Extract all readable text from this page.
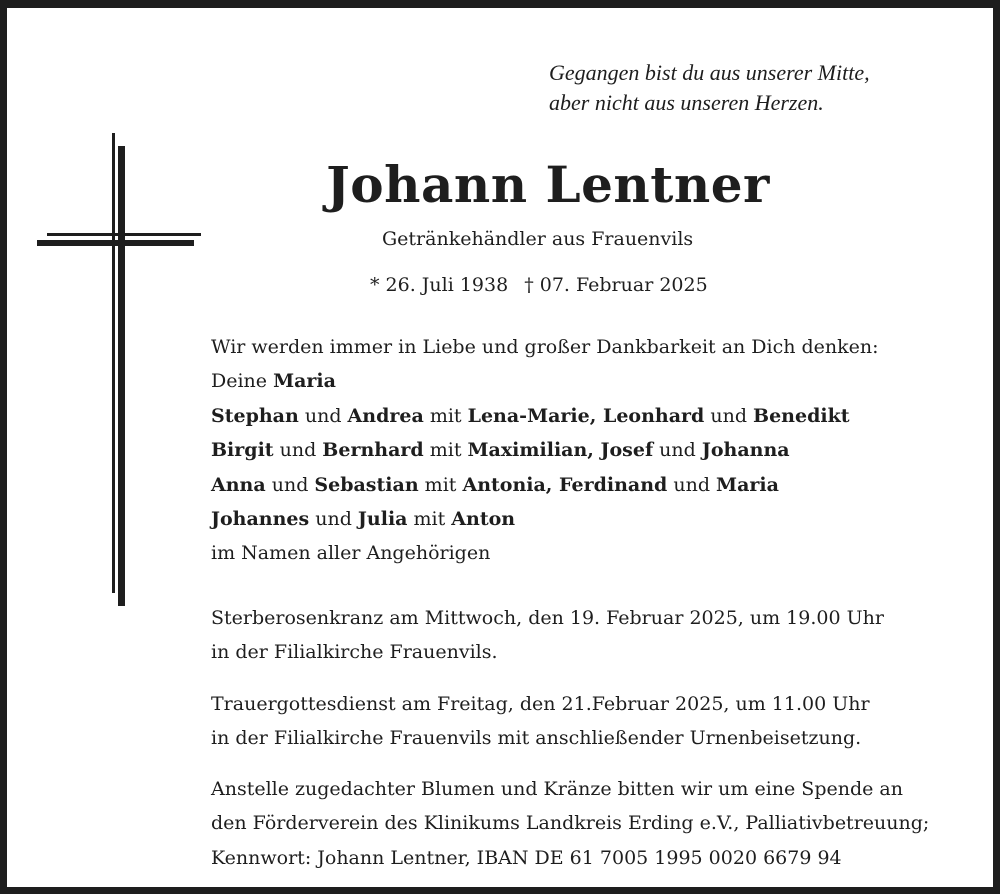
Gegangen bist du aus unserer Mitte,
aber nicht aus unseren Herzen.
Johann Lentner
Getränkehändler aus Frauenvils
* 26. Juli 1938 † 07. Februar 2025
Wir werden immer in Liebe und großer Dankbarkeit an Dich denken:
Deine Maria
Stephan und Andrea mit Lena-Marie, Leonhard und Benedikt
Birgit und Bernhard mit Maximilian, Josef und Johanna
Anna und Sebastian mit Antonia, Ferdinand und Maria
Johannes und Julia mit Anton
im Namen aller Angehörigen
Sterberosenkranz am Mittwoch, den 19. Februar 2025, um 19.00 Uhr
in der Filialkirche Frauenvils.
Trauergottesdienst am Freitag, den 21.Februar 2025, um 11.00 Uhr
in der Filialkirche Frauenvils mit anschließender Urnenbeisetzung.
Anstelle zugedachter Blumen und Kränze bitten wir um eine Spende an
den Förderverein des Klinikums Landkreis Erding e.V., Palliativbetreuung;
Kennwort: Johann Lentner, IBAN DE 61 7005 1995 0020 6679 94
